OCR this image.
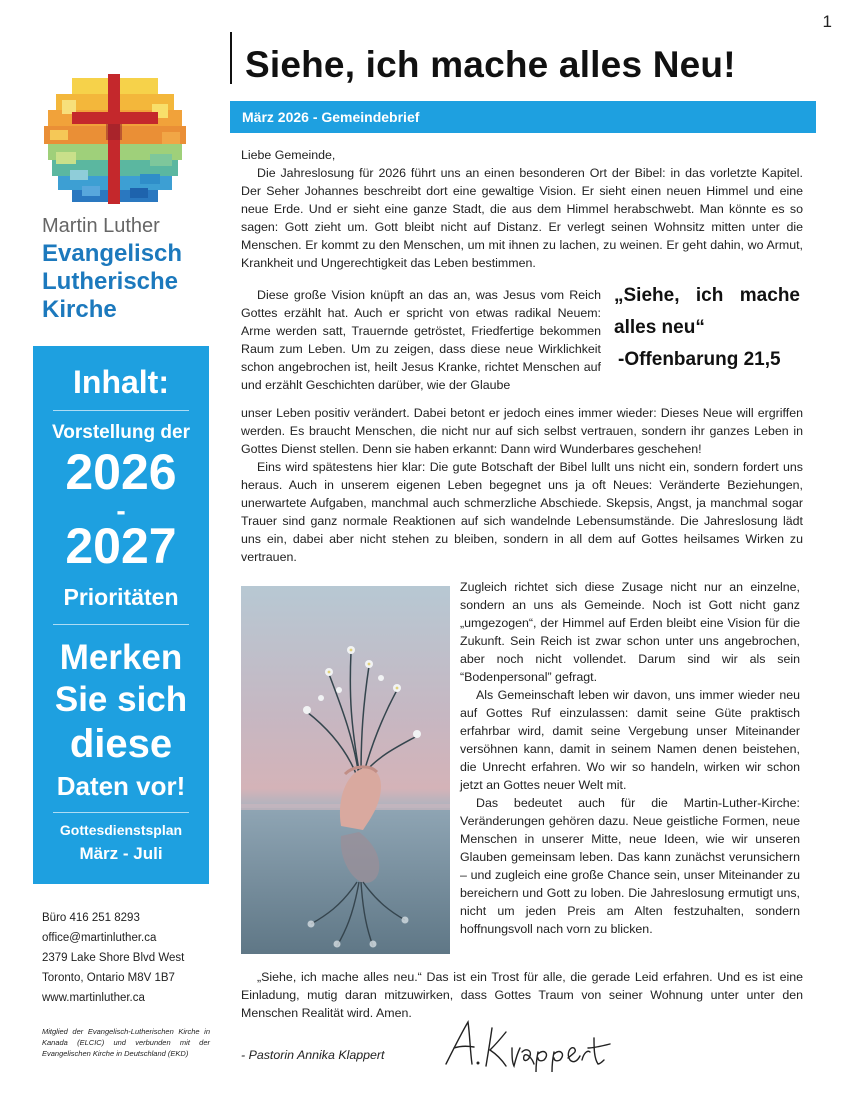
1
Siehe, ich mache alles Neu!
März 2026 - Gemeindebrief
Martin Luther
Evangelisch
Lutherische
Kirche
Inhalt:
Vorstellung der
2026
-
2027
Prioritäten
Merken
Sie sich
diese
Daten vor!
Gottesdienstsplan
März - Juli
Büro 416 251 8293
office@martinluther.ca
2379 Lake Shore Blvd West
Toronto, Ontario M8V 1B7
www.martinluther.ca
Mitglied der Evangelisch-Lutherischen Kirche in Kanada (ELCIC) und verbunden mit der Evangelischen Kirche in Deutschland (EKD)

Liebe Gemeinde,

Die Jahreslosung für 2026 führt uns an einen besonderen Ort der Bibel: in das vorletzte Kapitel. Der Seher Johannes beschreibt dort eine gewaltige Vision. Er sieht einen neuen Himmel und eine neue Erde. Und er sieht eine ganze Stadt, die aus dem Himmel herabschwebt. Man könnte es so sagen: Gott zieht um. Gott bleibt nicht auf Distanz. Er verlegt seinen Wohnsitz mitten unter die Menschen. Er kommt zu den Menschen, um mit ihnen zu lachen, zu weinen. Er geht dahin, wo Armut, Krankheit und Ungerechtigkeit das Leben bestimmen.

Diese große Vision knüpft an das an, was Jesus vom Reich Gottes erzählt hat. Auch er spricht von etwas radikal Neuem: Arme werden satt, Trauernde getröstet, Friedfertige bekommen Raum zum Leben. Um zu zeigen, dass diese neue Wirklichkeit schon angebrochen ist, heilt Jesus Kranke, richtet Menschen auf und erzählt Geschichten darüber, wie der Glaube

„Siehe, ich mache alles neu“
-Offenbarung 21,5

unser Leben positiv verändert. Dabei betont er jedoch eines immer wieder: Dieses Neue will ergriffen werden. Es braucht Menschen, die nicht nur auf sich selbst vertrauen, sondern ihr ganzes Leben in Gottes Dienst stellen. Denn sie haben erkannt: Dann wird Wunderbares geschehen!

Eins wird spätestens hier klar: Die gute Botschaft der Bibel lullt uns nicht ein, sondern fordert uns heraus. Auch in unserem eigenen Leben begegnet uns ja oft Neues: Veränderte Beziehungen, unerwartete Aufgaben, manchmal auch schmerzliche Abschiede. Skepsis, Angst, ja manchmal sogar Trauer sind ganz normale Reaktionen auf sich wandelnde Lebensumstände. Die Jahreslosung lädt uns ein, dabei aber nicht stehen zu bleiben, sondern in all dem auf Gottes heilsames Wirken zu vertrauen.

Zugleich richtet sich diese Zusage nicht nur an einzelne, sondern an uns als Gemeinde. Noch ist Gott nicht ganz „umgezogen“, der Himmel auf Erden bleibt eine Vision für die Zukunft. Sein Reich ist zwar schon unter uns angebrochen, aber noch nicht vollendet. Darum sind wir als sein “Bodenpersonal” gefragt.

Als Gemeinschaft leben wir davon, uns immer wieder neu auf Gottes Ruf einzulassen: damit seine Güte praktisch erfahrbar wird, damit seine Vergebung unser Miteinander versöhnen kann, damit in seinem Namen denen beistehen, die Unrecht erfahren. Wo wir so handeln, wirken wir schon jetzt an Gottes neuer Welt mit.

Das bedeutet auch für die Martin-Luther-Kirche: Veränderungen gehören dazu. Neue geistliche Formen, neue Menschen in unserer Mitte, neue Ideen, wie wir unseren Glauben gemeinsam leben. Das kann zunächst verunsichern – und zugleich eine große Chance sein, unser Miteinander zu bereichern und Gott zu loben. Die Jahreslosung ermutigt uns, nicht um jeden Preis am Alten festzuhalten, sondern hoffnungsvoll nach vorn zu blicken.

„Siehe, ich mache alles neu.“ Das ist ein Trost für alle, die gerade Leid erfahren. Und es ist eine Einladung, mutig daran mitzuwirken, dass Gottes Traum von seiner Wohnung unter unter den Menschen Realität wird. Amen.

- Pastorin Annika Klappert
